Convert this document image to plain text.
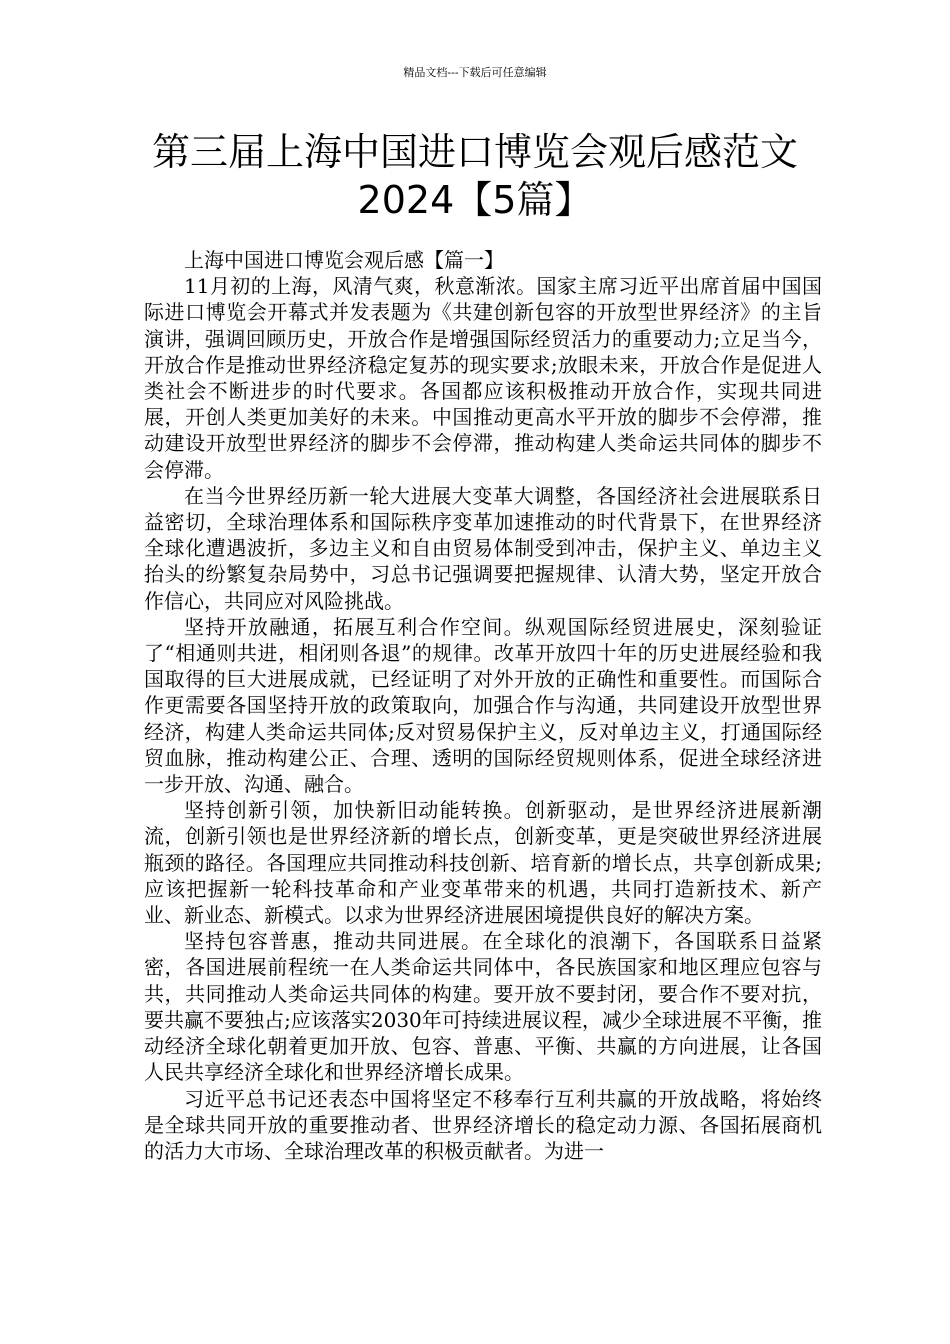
精品文档---下载后可任意编辑
第三届上海中国进口博览会观后感范文
2024【5篇】

上海中国进口博览会观后感【篇一】

11月初的上海，风清气爽，秋意渐浓。国家主席习近平出席首届中国国际进口博览会开幕式并发表题为《共建创新包容的开放型世界经济》的主旨演讲，强调回顾历史，开放合作是增强国际经贸活力的重要动力;立足当今，开放合作是推动世界经济稳定复苏的现实要求;放眼未来，开放合作是促进人类社会不断进步的时代要求。各国都应该积极推动开放合作，实现共同进展，开创人类更加美好的未来。中国推动更高水平开放的脚步不会停滞，推动建设开放型世界经济的脚步不会停滞，推动构建人类命运共同体的脚步不会停滞。

在当今世界经历新一轮大进展大变革大调整，各国经济社会进展联系日益密切，全球治理体系和国际秩序变革加速推动的时代背景下，在世界经济全球化遭遇波折，多边主义和自由贸易体制受到冲击，保护主义、单边主义抬头的纷繁复杂局势中，习总书记强调要把握规律、认清大势，坚定开放合作信心，共同应对风险挑战。

坚持开放融通，拓展互利合作空间。纵观国际经贸进展史，深刻验证了“相通则共进，相闭则各退”的规律。改革开放四十年的历史进展经验和我国取得的巨大进展成就，已经证明了对外开放的正确性和重要性。而国际合作更需要各国坚持开放的政策取向，加强合作与沟通，共同建设开放型世界经济，构建人类命运共同体;反对贸易保护主义，反对单边主义，打通国际经贸血脉，推动构建公正、合理、透明的国际经贸规则体系，促进全球经济进一步开放、沟通、融合。

坚持创新引领，加快新旧动能转换。创新驱动，是世界经济进展新潮流，创新引领也是世界经济新的增长点，创新变革，更是突破世界经济进展瓶颈的路径。各国理应共同推动科技创新、培育新的增长点，共享创新成果;应该把握新一轮科技革命和产业变革带来的机遇，共同打造新技术、新产业、新业态、新模式。以求为世界经济进展困境提供良好的解决方案。

坚持包容普惠，推动共同进展。在全球化的浪潮下，各国联系日益紧密，各国进展前程统一在人类命运共同体中，各民族国家和地区理应包容与共，共同推动人类命运共同体的构建。要开放不要封闭，要合作不要对抗，要共赢不要独占;应该落实2030年可持续进展议程，减少全球进展不平衡，推动经济全球化朝着更加开放、包容、普惠、平衡、共赢的方向进展，让各国人民共享经济全球化和世界经济增长成果。

习近平总书记还表态中国将坚定不移奉行互利共赢的开放战略，将始终是全球共同开放的重要推动者、世界经济增长的稳定动力源、各国拓展商机的活力大市场、全球治理改革的积极贡献者。为进一
